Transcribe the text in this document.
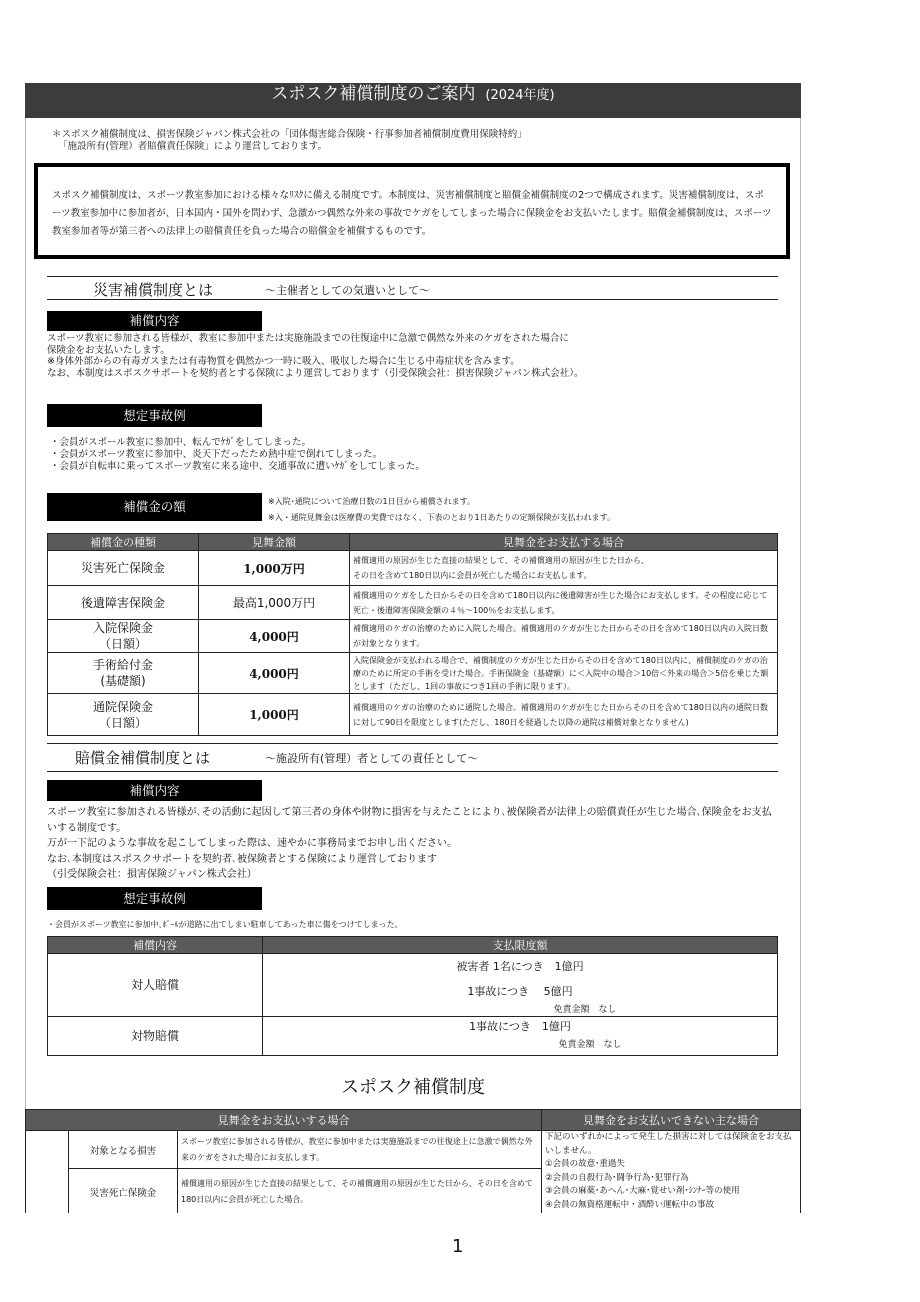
スポスク補償制度のご案内 (2024年度)
＊スポスク補償制度は、損害保険ジャパン株式会社の「団体傷害総合保険・行事参加者補償制度費用保険特約」
「施設所有(管理）者賠償責任保険」により運営しております。
スポスク補償制度は、スポーツ教室参加における様々なﾘｽｸに備える制度です。本制度は、災害補償制度と賠償金補償制度の2つで構成されます。災害補償制度は、スポーツ教室参加中に参加者が、日本国内・国外を問わず、急激かつ偶然な外来の事故でケガをしてしまった場合に保険金をお支払いたします。賠償金補償制度は、スポーツ教室参加者等が第三者への法律上の賠償責任を負った場合の賠償金を補償するものです。
災害補償制度とは	～主催者としての気遣いとして～
補償内容
スポーツ教室に参加される皆様が、教室に参加中または実施施設までの往復途中に急激で偶然な外来のケガをされた場合に
保険金をお支払いたします。
※身体外部からの有毒ガスまたは有毒物質を偶然かつ一時に吸入、吸収した場合に生じる中毒症状を含みます。
なお、本制度はスポスクサポートを契約者とする保険により運営しております（引受保険会社：損害保険ジャパン株式会社）。
想定事故例
・会員がスポール教室に参加中、転んでｹｶﾞをしてしまった。
・会員がスポーツ教室に参加中、炎天下だったため熱中症で倒れてしまった。
・会員が自転車に乗ってスポーツ教室に来る途中、交通事故に遭いｹｶﾞをしてしまった。
補償金の額	※入院･通院について治療日数の1日目から補償されます。
※入・通院見舞金は医療費の実費ではなく、下表のとおり1日あたりの定額保険が支払われます。
補償金の種類	見舞金額	見舞金をお支払する場合
災害死亡保険金	1,000万円	補償適用の原因が生じた直接の結果として、その補償適用の原因が生じた日から、
その日を含めて180日以内に会員が死亡した場合にお支払します。
後遺障害保険金	最高1,000万円	補償適用のケガをした日からその日を含めて180日以内に後遺障害が生じた場合にお支払します。その程度に応じて死亡・後遺障害保険金額の４％～100％をお支払します。
入院保険金
（日額）	4,000円	補償適用のケガの治療のために入院した場合。補償適用のケガが生じた日からその日を含めて180日以内の入院日数が対象となります。
手術給付金
(基礎額)	4,000円	入院保険金が支払われる場合で、補償制度のケガが生じた日からその日を含めて180日以内に、補償制度のケガの治療のために所定の手術を受けた場合。手術保険金（基礎額）に＜入院中の場合＞10倍＜外来の場合＞5倍を乗じた額とします（ただし、1回の事故につき1回の手術に限ります）。
通院保険金
（日額）	1,000円	補償適用のケガの治療のために通院した場合。補償適用のケガが生じた日からその日を含めて180日以内の通院日数に対して90日を限度とします(ただし、180日を経過した以降の通院は補償対象となりません)
賠償金補償制度とは	～施設所有(管理）者としての責任として～
補償内容
スポーツ教室に参加される皆様が､その活動に起因して第三者の身体や財物に損害を与えたことにより､被保険者が法律上の賠償責任が生じた場合､保険金をお支払いする制度です。
万が一下記のような事故を起こしてしまった際は、速やかに事務局までお申し出ください。
なお､本制度はスポスクサポートを契約者､被保険者とする保険により運営しております
（引受保険会社：損害保険ジャパン株式会社）
想定事故例
・会員がスポーツ教室に参加中､ﾎﾞｰﾙが道路に出てしまい駐車してあった車に傷をつけてしまった。
補償内容	支払限度額
対人賠償	被害者 1名につき　1億円
1事故につき　 5億円
免責金額　なし

対物賠償	1事故につき　1億円
免責金額　なし
スポスク補償制度
見舞金をお支払いする場合			見舞金をお支払いできない主な場合
	対象となる損害	スポーツ教室に参加される皆様が、教室に参加中または実施施設までの往復途上に急激で偶然な外来のケガをされた場合にお支払します。	下記のいずれかによって発生した損害に対しては保険金をお支払いしません。
①会員の故意･重過失
②会員の自殺行為･闘争行為･犯罪行為
③会員の麻薬･あへん･大麻･覚せい剤･ｼﾝﾅｰ等の使用
④会員の無資格運転中・酒酔い運転中の事故

	災害死亡保険金	補償適用の原因が生じた直接の結果として、その補償適用の原因が生じた日から、その日を含めて180日以内に会員が死亡した場合。	
1
